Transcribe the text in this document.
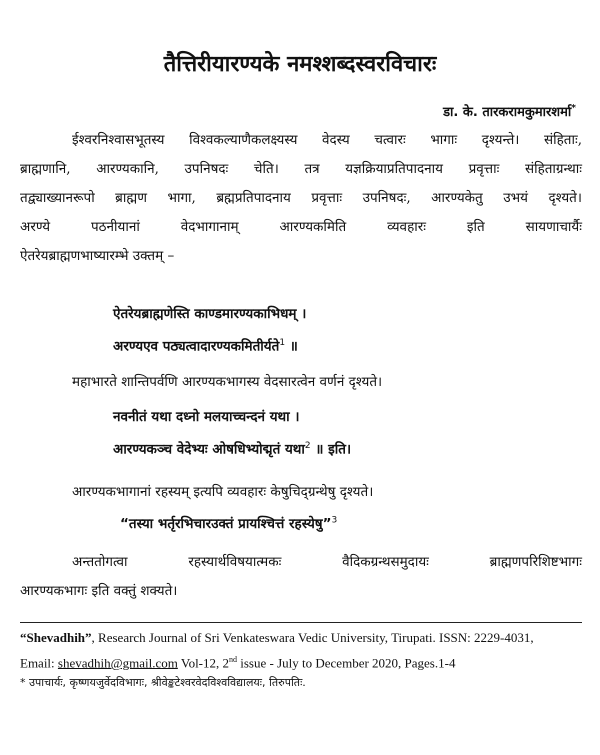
तैत्तिरीयारण्यके नमश्शब्दस्वरविचारः
डा. के. तारकरामकुमारशर्मा*
ईश्वरनिश्वासभूतस्य विश्वकल्याणैकलक्ष्यस्य वेदस्य चत्वारः भागाः दृश्यन्ते। संहिताः,
ब्राह्मणानि, आरण्यकानि, उपनिषदः चेति। तत्र यज्ञक्रियाप्रतिपादनाय प्रवृत्ताः संहिताग्रन्थाः
तद्व्याख्यानरूपो ब्राह्मण भागा, ब्रह्मप्रतिपादनाय प्रवृत्ताः उपनिषदः, आरण्यकेतु उभयं दृश्यते।
अरण्ये पठनीयानां वेदभागानाम् आरण्यकमिति व्यवहारः इति सायणाचार्यैः
ऐतरेयब्राह्मणभाष्यारम्भे उक्तम् –
ऐतरेयब्राह्मणेस्ति काण्डमारण्यकाभिधम् ।
अरण्यएव पठ्यत्वादारण्यकमितीर्यते$^1$ ॥
महाभारते शान्तिपर्वणि आरण्यकभागस्य वेदसारत्वेन वर्णनं दृश्यते।
नवनीतं यथा दध्नो मलयाच्चन्दनं यथा ।
आरण्यकञ्च वेदेभ्यः ओषधिभ्योद्मृतं यथा$^2$ ॥ इति।
आरण्यकभागानां रहस्यम् इत्यपि व्यवहारः केषुचिद्ग्रन्थेषु दृश्यते।
“तस्या भर्तृरभिचारउक्तं प्रायश्चित्तं रहस्येषु”$^3$
अन्ततोगत्वा रहस्यार्थविषयात्मकः वैदिकग्रन्थसमुदायः ब्राह्मणपरिशिष्टभागः
आरण्यकभागः इति वक्तुं शक्यते।
“Shevadhih”, Research Journal of Sri Venkateswara Vedic University, Tirupati. ISSN: 2229-4031,
Email: shevadhih@gmail.com Vol-12, 2nd issue - July to December 2020, Pages.1-4
* उपाचार्यः, कृष्णयजुर्वेदविभागः, श्रीवेङ्कटेश्वरवेदविश्वविद्यालयः, तिरुपतिः.
